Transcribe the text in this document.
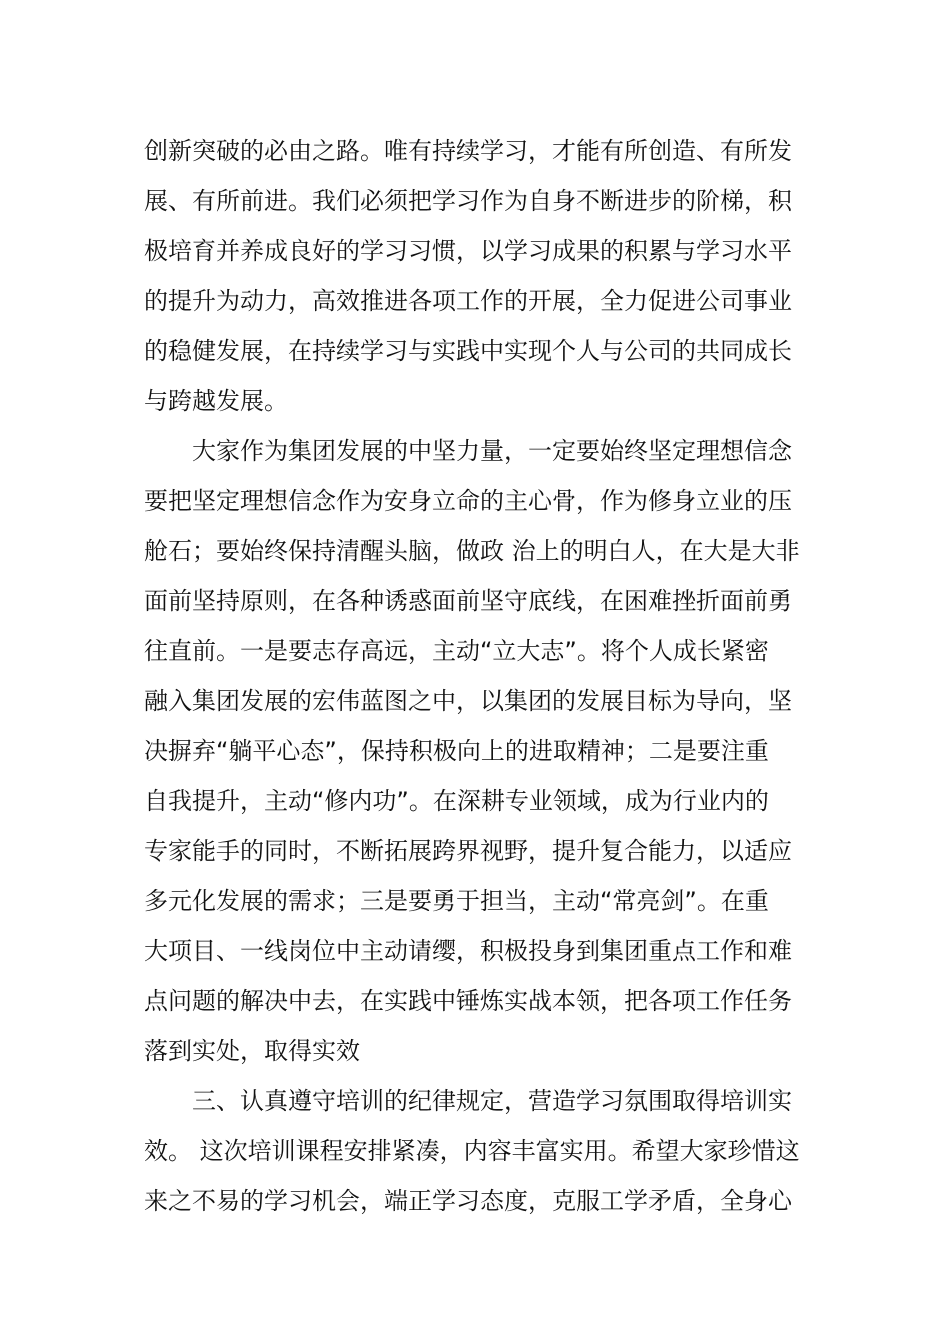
创新突破的必由之路。唯有持续学习，才能有所创造、有所发
展、有所前进。我们必须把学习作为自身不断进步的阶梯，积
极培育并养成良好的学习习惯，以学习成果的积累与学习水平
的提升为动力，高效推进各项工作的开展，全力促进公司事业
的稳健发展，在持续学习与实践中实现个人与公司的共同成长
与跨越发展。
大家作为集团发展的中坚力量，一定要始终坚定理想信念
要把坚定理想信念作为安身立命的主心骨，作为修身立业的压
舱石；要始终保持清醒头脑，做政 治上的明白人，在大是大非
面前坚持原则，在各种诱惑面前坚守底线，在困难挫折面前勇
往直前。一是要志存高远，主动“立大志”。将个人成长紧密
融入集团发展的宏伟蓝图之中，以集团的发展目标为导向，坚
决摒弃“躺平心态”，保持积极向上的进取精神；二是要注重
自我提升，主动“修内功”。在深耕专业领域，成为行业内的
专家能手的同时，不断拓展跨界视野，提升复合能力，以适应
多元化发展的需求；三是要勇于担当，主动“常亮剑”。在重
大项目、一线岗位中主动请缨，积极投身到集团重点工作和难
点问题的解决中去，在实践中锤炼实战本领，把各项工作任务
落到实处，取得实效
三、认真遵守培训的纪律规定，营造学习氛围取得培训实
效。 这次培训课程安排紧凑，内容丰富实用。希望大家珍惜这
来之不易的学习机会，端正学习态度，克服工学矛盾，全身心
